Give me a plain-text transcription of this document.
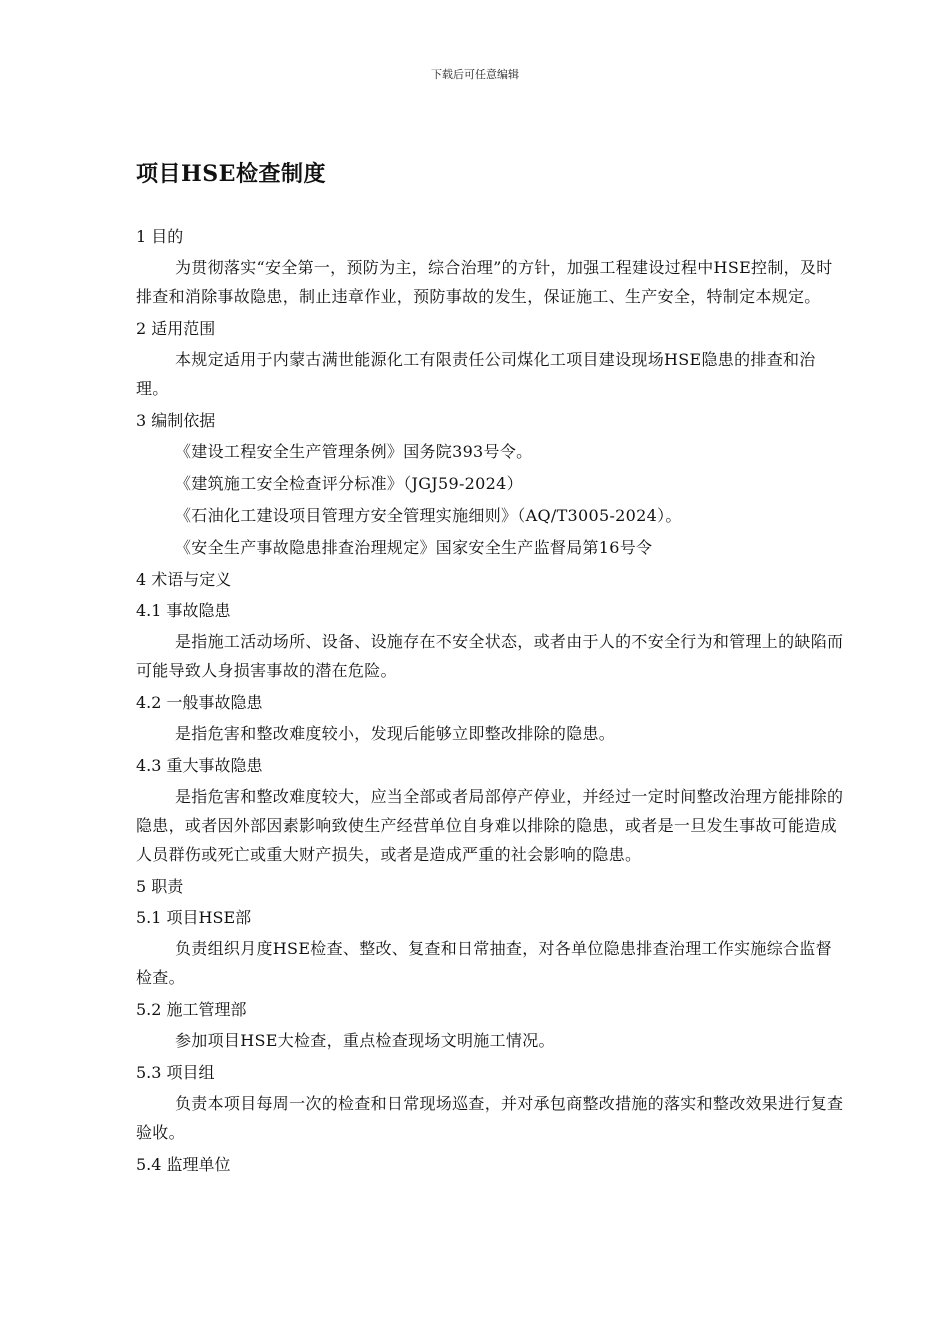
下载后可任意编辑
项目HSE检查制度
1 目的
为贯彻落实“安全第一，预防为主，综合治理”的方针，加强工程建设过程中HSE控制，及时排查和消除事故隐患，制止违章作业，预防事故的发生，保证施工、生产安全，特制定本规定。
2 适用范围
本规定适用于内蒙古满世能源化工有限责任公司煤化工项目建设现场HSE隐患的排查和治理。
3 编制依据
《建设工程安全生产管理条例》国务院393号令。
《建筑施工安全检查评分标准》（JGJ59-2024）
《石油化工建设项目管理方安全管理实施细则》（AQ/T3005-2024）。
《安全生产事故隐患排查治理规定》国家安全生产监督局第16号令
4 术语与定义
4.1 事故隐患
是指施工活动场所、设备、设施存在不安全状态，或者由于人的不安全行为和管理上的缺陷而可能导致人身损害事故的潜在危险。
4.2 一般事故隐患
是指危害和整改难度较小，发现后能够立即整改排除的隐患。
4.3 重大事故隐患
是指危害和整改难度较大，应当全部或者局部停产停业，并经过一定时间整改治理方能排除的隐患，或者因外部因素影响致使生产经营单位自身难以排除的隐患，或者是一旦发生事故可能造成人员群伤或死亡或重大财产损失，或者是造成严重的社会影响的隐患。
5 职责
5.1 项目HSE部
负责组织月度HSE检查、整改、复查和日常抽查，对各单位隐患排查治理工作实施综合监督检查。
5.2 施工管理部
参加项目HSE大检查，重点检查现场文明施工情况。
5.3 项目组
负责本项目每周一次的检查和日常现场巡查，并对承包商整改措施的落实和整改效果进行复查验收。
5.4 监理单位
